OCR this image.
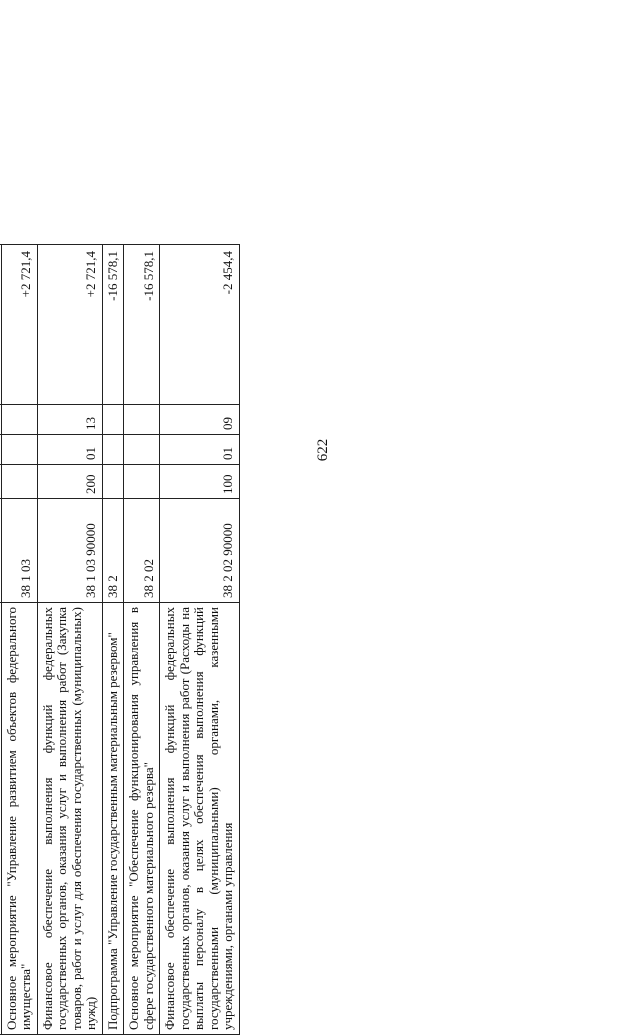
622

Основное мероприятие "Управление развитием объектов федерального имущества"	38 1 03				+2 721,4
Финансовое обеспечение выполнения функций федеральных государственных органов, оказания услуг и выполнения работ (Закупка товаров, работ и услуг для обеспечения государственных (муниципальных) нужд)	38 1 03 90000	200	01	13	+2 721,4
Подпрограмма "Управление государственным материальным резервом"	38 2				-16 578,1
Основное мероприятие "Обеспечение функционирования управления в сфере государственного материального резерва"	38 2 02				-16 578,1
Финансовое обеспечение выполнения функций федеральных государственных органов, оказания услуг и выполнения работ (Расходы на выплаты персоналу в целях обеспечения выполнения функций государственными (муниципальными) органами, казенными учреждениями, органами управления	38 2 02 90000	100	01	09	-2 454,4
